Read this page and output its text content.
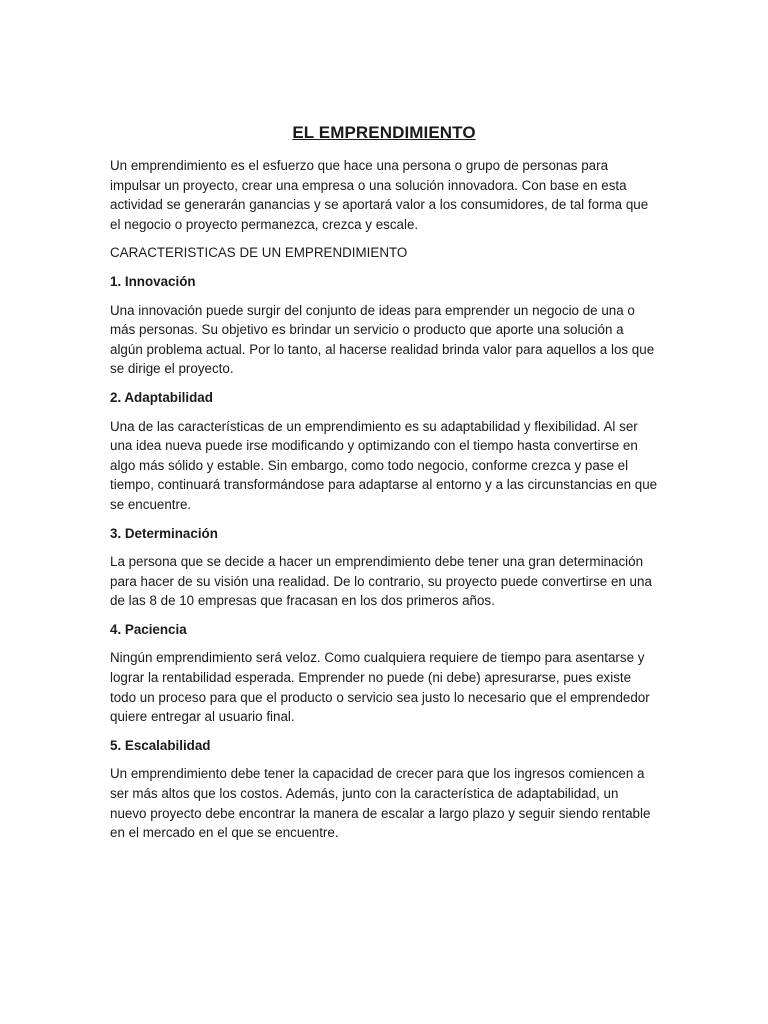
EL EMPRENDIMIENTO

Un emprendimiento es el esfuerzo que hace una persona o grupo de personas para impulsar un proyecto, crear una empresa o una solución innovadora. Con base en esta actividad se generarán ganancias y se aportará valor a los consumidores, de tal forma que el negocio o proyecto permanezca, crezca y escale.

CARACTERISTICAS DE UN EMPRENDIMIENTO

1. Innovación

Una innovación puede surgir del conjunto de ideas para emprender un negocio de una o más personas. Su objetivo es brindar un servicio o producto que aporte una solución a algún problema actual. Por lo tanto, al hacerse realidad brinda valor para aquellos a los que se dirige el proyecto.

2. Adaptabilidad

Una de las características de un emprendimiento es su adaptabilidad y flexibilidad. Al ser una idea nueva puede irse modificando y optimizando con el tiempo hasta convertirse en algo más sólido y estable. Sin embargo, como todo negocio, conforme crezca y pase el tiempo, continuará transformándose para adaptarse al entorno y a las circunstancias en que se encuentre.

3. Determinación

La persona que se decide a hacer un emprendimiento debe tener una gran determinación para hacer de su visión una realidad. De lo contrario, su proyecto puede convertirse en una de las 8 de 10 empresas que fracasan en los dos primeros años.

4. Paciencia

Ningún emprendimiento será veloz. Como cualquiera requiere de tiempo para asentarse y lograr la rentabilidad esperada. Emprender no puede (ni debe) apresurarse, pues existe todo un proceso para que el producto o servicio sea justo lo necesario que el emprendedor quiere entregar al usuario final.

5. Escalabilidad

Un emprendimiento debe tener la capacidad de crecer para que los ingresos comiencen a ser más altos que los costos. Además, junto con la característica de adaptabilidad, un nuevo proyecto debe encontrar la manera de escalar a largo plazo y seguir siendo rentable en el mercado en el que se encuentre.
